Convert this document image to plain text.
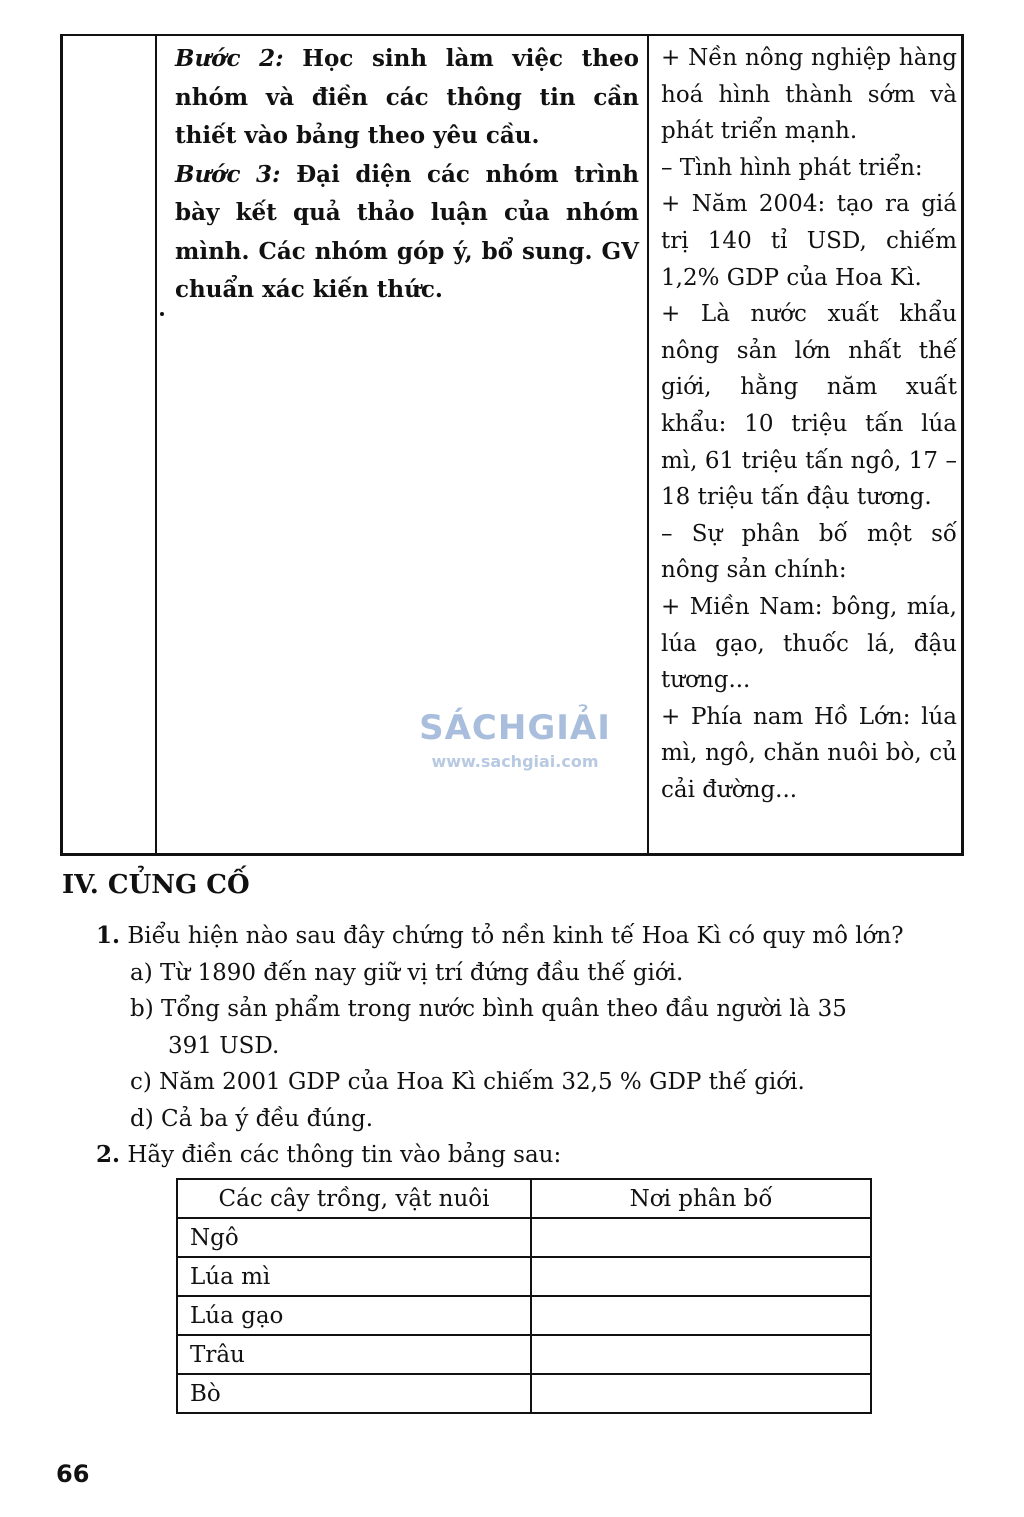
Bước 2: Học sinh làm việc theo nhóm và điền các thông tin cần thiết vào bảng theo yêu cầu.

Bước 3: Đại diện các nhóm trình bày kết quả thảo luận của nhóm mình. Các nhóm góp ý, bổ sung. GV chuẩn xác kiến thức.

+ Nền nông nghiệp hàng hoá hình thành sớm và phát triển mạnh.

– Tình hình phát triển:

+ Năm 2004: tạo ra giá trị 140 tỉ USD, chiếm 1,2% GDP của Hoa Kì.

+ Là nước xuất khẩu nông sản lớn nhất thế giới, hằng năm xuất khẩu: 10 triệu tấn lúa mì, 61 triệu tấn ngô, 17 – 18 triệu tấn đậu tương.

– Sự phân bố một số nông sản chính:

+ Miền Nam: bông, mía, lúa gạo, thuốc lá, đậu tương...

+ Phía nam Hồ Lớn: lúa mì, ngô, chăn nuôi bò, củ cải đường...

SÁCHGIẢI
www.sachgiai.com
IV. CỦNG CỐ
1. Biểu hiện nào sau đây chứng tỏ nền kinh tế Hoa Kì có quy mô lớn?
a) Từ 1890 đến nay giữ vị trí đứng đầu thế giới.
b) Tổng sản phẩm trong nước bình quân theo đầu người là 35
391 USD.
c) Năm 2001 GDP của Hoa Kì chiếm 32,5 % GDP thế giới.
d) Cả ba ý đều đúng.
2. Hãy điền các thông tin vào bảng sau:
Các cây trồng, vật nuôi	Nơi phân bố
Ngô	
Lúa mì	
Lúa gạo	
Trâu	
Bò	
66
